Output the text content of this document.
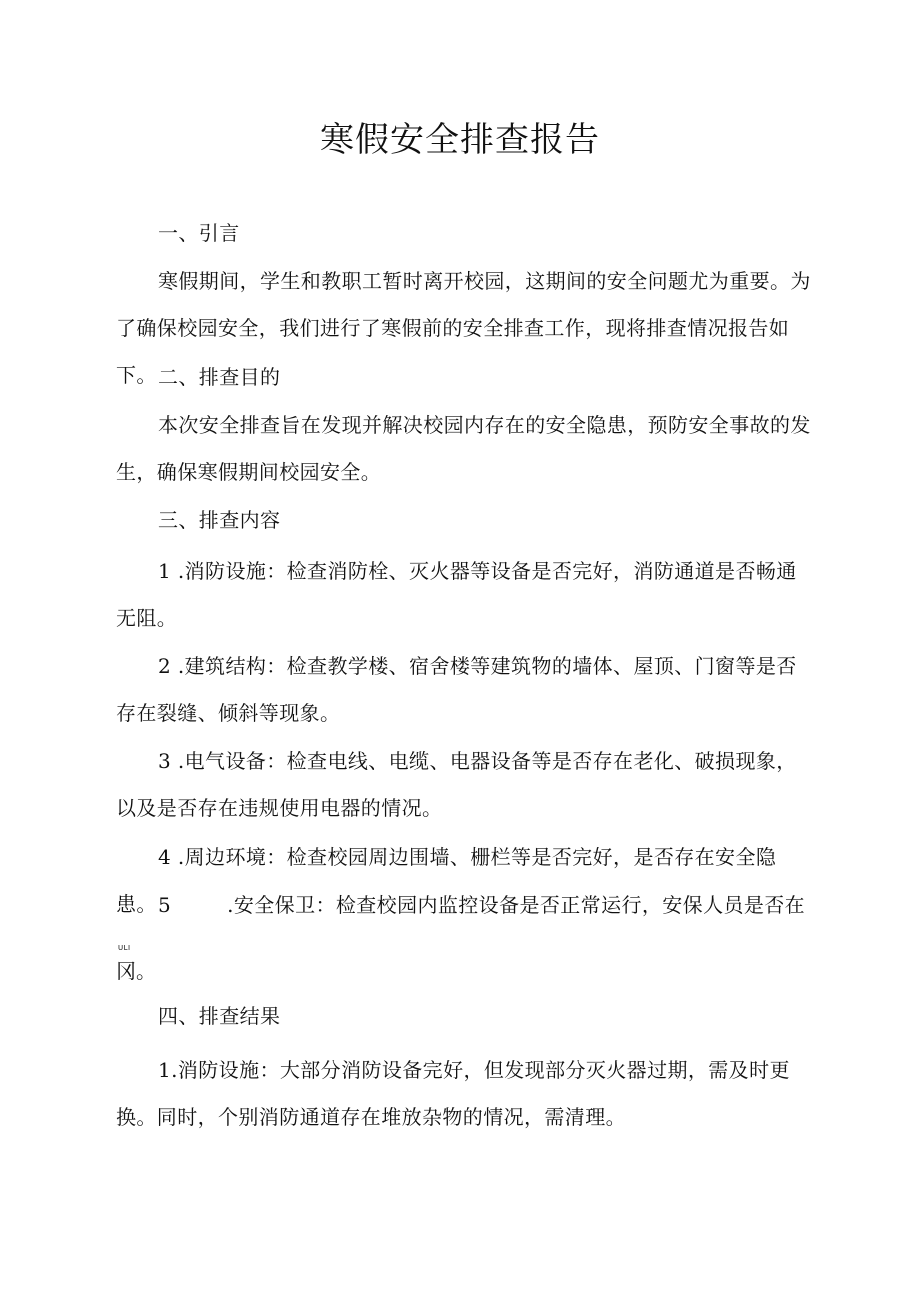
寒假安全排查报告

一、引言

寒假期间，学生和教职工暂时离开校园，这期间的安全问题尤为重要。为了确保校园安全，我们进行了寒假前的安全排查工作，现将排查情况报告如下。 二、排查目的

本次安全排查旨在发现并解决校园内存在的安全隐患，预防安全事故的发生，确保寒假期间校园安全。

三、排查内容

1 .消防设施：检查消防栓、灭火器等设备是否完好，消防通道是否畅通无阻。

2 .建筑结构：检查教学楼、宿舍楼等建筑物的墙体、屋顶、门窗等是否存在裂缝、倾斜等现象。

3 .电气设备：检查电线、电缆、电器设备等是否存在老化、破损现象，以及是否存在违规使用电器的情况。

4 .周边环境：检查校园周边围墙、栅栏等是否完好，是否存在安全隐患。 5	.安全保卫：检查校园内监控设备是否正常运行，安保人员是否在

ULI
冈。

四、排查结果

1.消防设施：大部分消防设备完好，但发现部分灭火器过期，需及时更换。同时，个别消防通道存在堆放杂物的情况，需清理。
